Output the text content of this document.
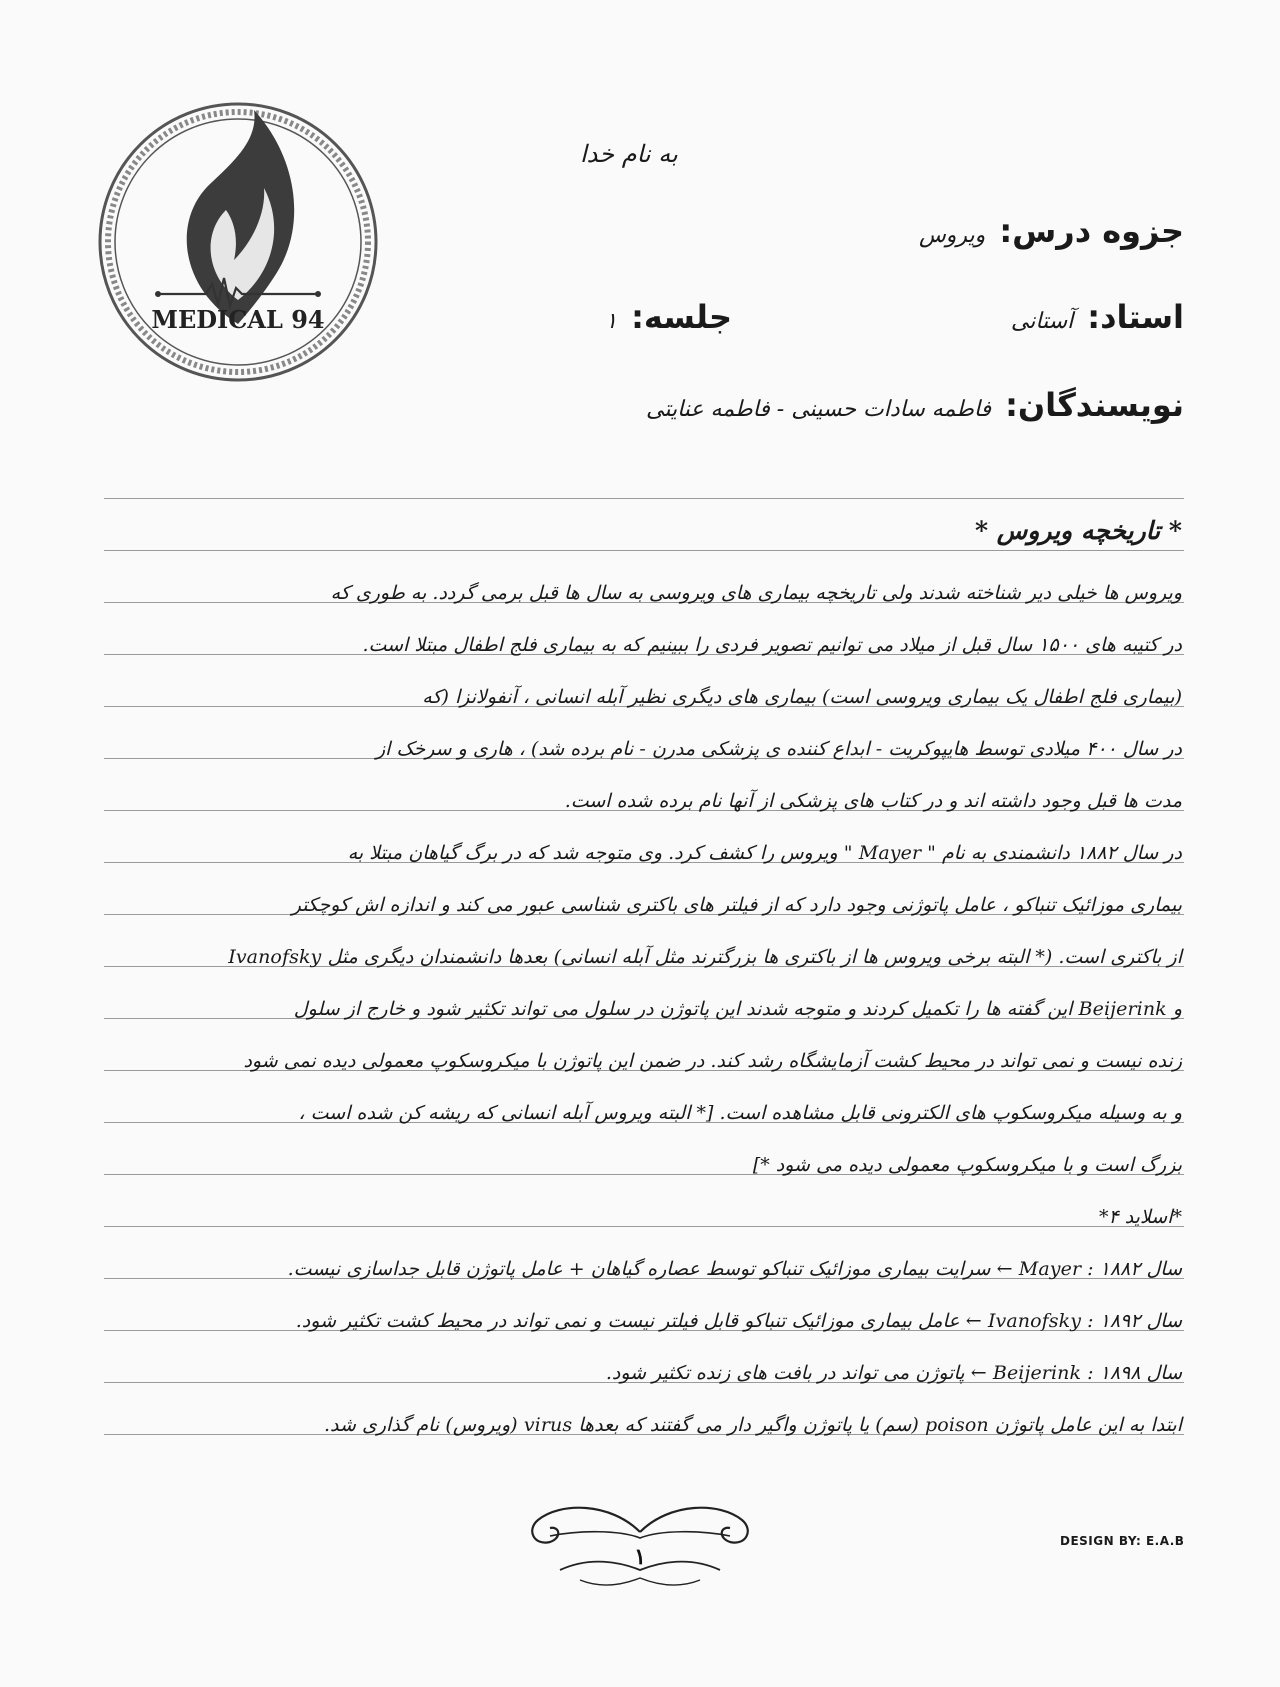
MEDICAL 94
به نام خدا
جزوه درس:ویروس
استاد:آستانی
جلسه:۱
نویسندگان:فاطمه سادات حسینی - فاطمه عنایتی
* تاریخچه ویروس *
ویروس ها خیلی دیر شناخته شدند ولی تاریخچه بیماری های ویروسی به سال ها قبل برمی گردد. به طوری که
در کتیبه های ۱۵۰۰ سال قبل از میلاد می توانیم تصویر فردی را ببینیم که به بیماری فلج اطفال مبتلا است.
(بیماری فلج اطفال یک بیماری ویروسی است) بیماری های دیگری نظیر آبله انسانی ، آنفولانزا (که
در سال ۴۰۰ میلادی توسط هایپوکریت - ابداع کننده ی پزشکی مدرن - نام برده شد) ، هاری و سرخک از
مدت ها قبل وجود داشته اند و در کتاب های پزشکی از آنها نام برده شده است.
در سال ۱۸۸۲ دانشمندی به نام " Mayer " ویروس را کشف کرد. وی متوجه شد که در برگ گیاهان مبتلا به
بیماری موزائیک تنباکو ، عامل پاتوژنی وجود دارد که از فیلتر های باکتری شناسی عبور می کند و اندازه اش کوچکتر
از باکتری است. (* البته برخی ویروس ها از باکتری ها بزرگترند مثل آبله انسانی) بعدها دانشمندان دیگری مثل Ivanofsky
و Beijerink این گفته ها را تکمیل کردند و متوجه شدند این پاتوژن در سلول می تواند تکثیر شود و خارج از سلول
زنده نیست و نمی تواند در محیط کشت آزمایشگاه رشد کند. در ضمن این پاتوژن با میکروسکوپ معمولی دیده نمی شود
و به وسیله میکروسکوپ های الکترونی قابل مشاهده است. [* البته ویروس آبله انسانی که ریشه کن شده است ،
بزرگ است و با میکروسکوپ معمولی دیده می شود *]
*اسلاید ۴*
سال ۱۸۸۲ : Mayer ← سرایت بیماری موزائیک تنباکو توسط عصاره گیاهان + عامل پاتوژن قابل جداسازی نیست.
سال ۱۸۹۲ : Ivanofsky ← عامل بیماری موزائیک تنباکو قابل فیلتر نیست و نمی تواند در محیط کشت تکثیر شود.
سال ۱۸۹۸ : Beijerink ← پاتوژن می تواند در بافت های زنده تکثیر شود.
ابتدا به این عامل پاتوژن poison (سم) یا پاتوژن واگیر دار می گفتند که بعدها virus (ویروس) نام گذاری شد.
۱
DESIGN BY: E.A.B
